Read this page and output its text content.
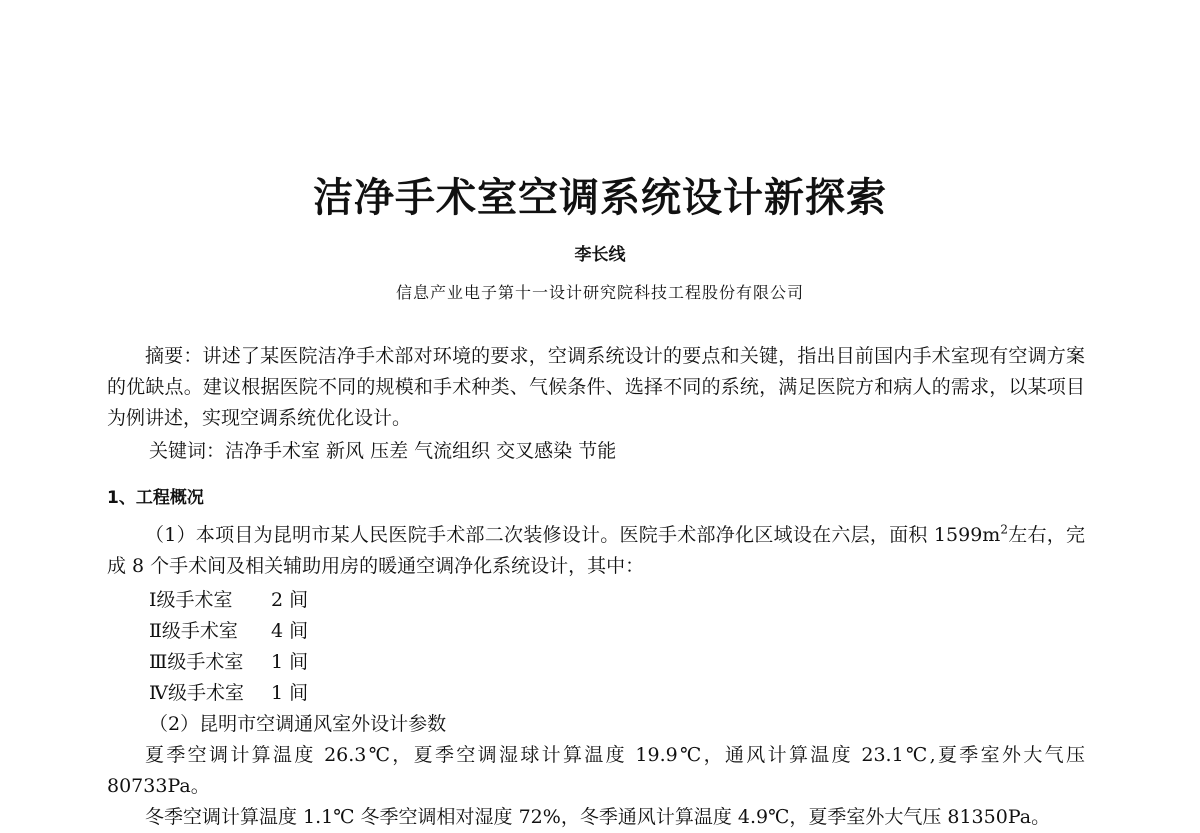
洁净手术室空调系统设计新探索
李长线
信息产业电子第十一设计研究院科技工程股份有限公司

摘要：讲述了某医院洁净手术部对环境的要求，空调系统设计的要点和关键，指出目前国内手术室现有空调方案的优缺点。建议根据医院不同的规模和手术种类、气候条件、选择不同的系统，满足医院方和病人的需求，以某项目为例讲述，实现空调系统优化设计。

关键词：洁净手术室 新风 压差 气流组织 交叉感染 节能

1、工程概况

（1）本项目为昆明市某人民医院手术部二次装修设计。医院手术部净化区域设在六层，面积 $1599m^2$左右，完成 8 个手术间及相关辅助用房的暖通空调净化系统设计，其中：

Ⅰ级手术室 2 间
Ⅱ级手术室 4 间
Ⅲ级手术室 1 间
Ⅳ级手术室 1 间
（2）昆明市空调通风室外设计参数

夏季空调计算温度 26.3℃，夏季空调湿球计算温度 19.9℃，通风计算温度 23.1℃,夏季室外大气压 80733Pa。

冬季空调计算温度 1.1℃ 冬季空调相对湿度 72%，冬季通风计算温度 4.9℃，夏季室外大气压 81350Pa。
